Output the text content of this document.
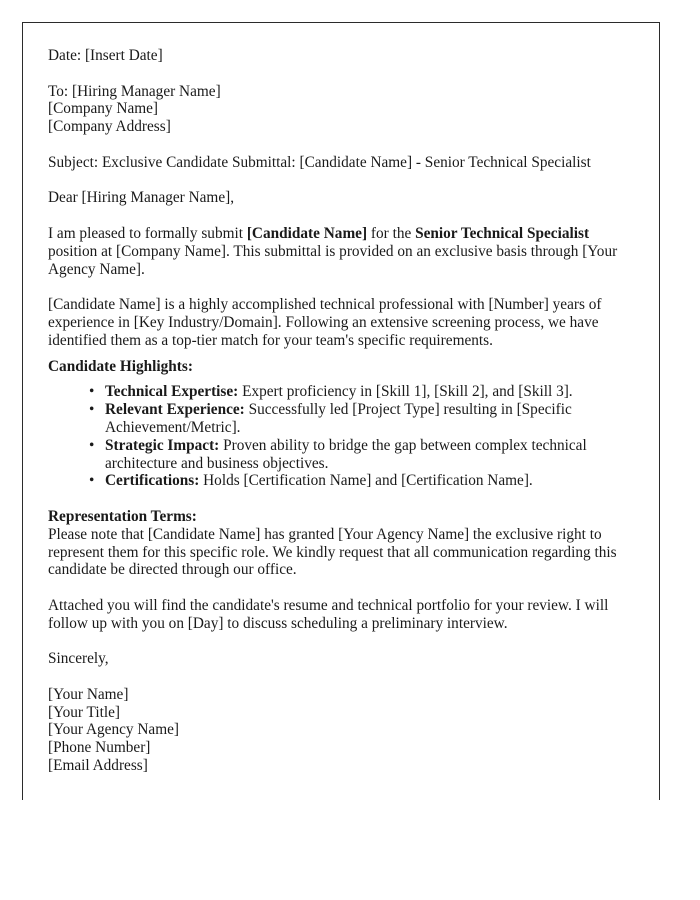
Date: [Insert Date]
To: [Hiring Manager Name]
[Company Name]
[Company Address]
Subject: Exclusive Candidate Submittal: [Candidate Name] - Senior Technical Specialist
Dear [Hiring Manager Name],
I am pleased to formally submit [Candidate Name] for the Senior Technical Specialist position at [Company Name]. This submittal is provided on an exclusive basis through [Your Agency Name].
[Candidate Name] is a highly accomplished technical professional with [Number] years of experience in [Key Industry/Domain]. Following an extensive screening process, we have identified them as a top-tier match for your team's specific requirements.
Candidate Highlights:
• Technical Expertise: Expert proficiency in [Skill 1], [Skill 2], and [Skill 3].
• Relevant Experience: Successfully led [Project Type] resulting in [Specific Achievement/Metric].
• Strategic Impact: Proven ability to bridge the gap between complex technical architecture and business objectives.
• Certifications: Holds [Certification Name] and [Certification Name].
Representation Terms:
Please note that [Candidate Name] has granted [Your Agency Name] the exclusive right to represent them for this specific role. We kindly request that all communication regarding this candidate be directed through our office.
Attached you will find the candidate's resume and technical portfolio for your review. I will follow up with you on [Day] to discuss scheduling a preliminary interview.
Sincerely,
[Your Name]
[Your Title]
[Your Agency Name]
[Phone Number]
[Email Address]
